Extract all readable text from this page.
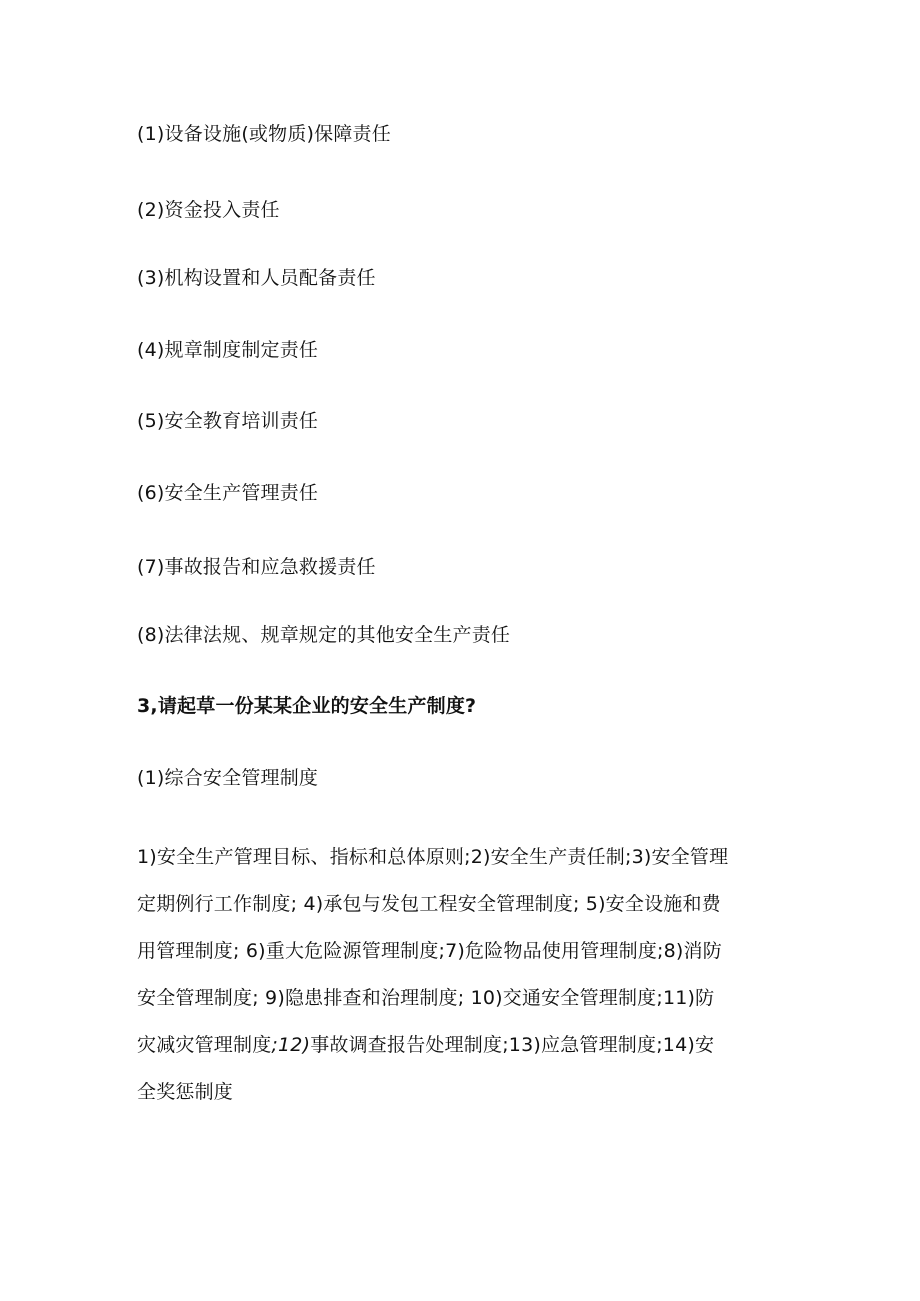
(1)设备设施(或物质)保障责任
(2)资金投入责任
(3)机构设置和人员配备责任
(4)规章制度制定责任
(5)安全教育培训责任
(6)安全生产管理责任
(7)事故报告和应急救援责任
(8)法律法规、规章规定的其他安全生产责任
3,请起草一份某某企业的安全生产制度?
(1)综合安全管理制度
1)安全生产管理目标、指标和总体原则;2)安全生产责任制;3)安全管理
定期例行工作制度; 4)承包与发包工程安全管理制度; 5)安全设施和费
用管理制度; 6)重大危险源管理制度;7)危险物品使用管理制度;8)消防
安全管理制度; 9)隐患排查和治理制度; 10)交通安全管理制度;11)防
灾减灾管理制度;12)事故调查报告处理制度;13)应急管理制度;14)安
全奖惩制度
